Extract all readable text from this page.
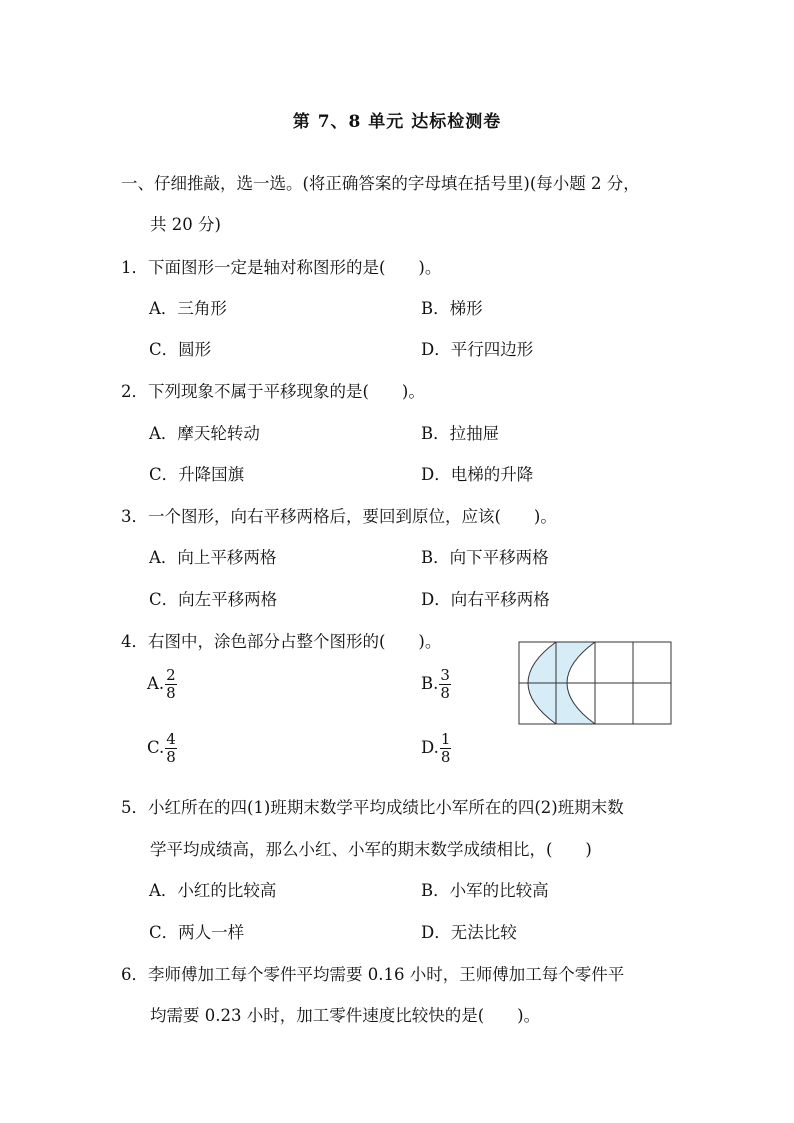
第 7、8 单元 达标检测卷
一、仔细推敲，选一选。(将正确答案的字母填在括号里)(每小题 2 分，
共 20 分)
1．下面图形一定是轴对称图形的是(　　)。
A．三角形	B．梯形
C．圆形	D．平行四边形
2．下列现象不属于平移现象的是(　　)。
A．摩天轮转动	B．拉抽屉
C．升降国旗	D．电梯的升降
3．一个图形，向右平移两格后，要回到原位，应该(　　)。
A．向上平移两格	B．向下平移两格
C．向左平移两格	D．向右平移两格
4．右图中，涂色部分占整个图形的(　　)。
A. $\frac{2}{8}$	B. $\frac{3}{8}$
C. $\frac{4}{8}$	D. $\frac{1}{8}$
5．小红所在的四(1)班期末数学平均成绩比小军所在的四(2)班期末数
学平均成绩高，那么小红、小军的期末数学成绩相比，(　　)
A．小红的比较高	B．小军的比较高
C．两人一样	D．无法比较
6．李师傅加工每个零件平均需要 0.16 小时，王师傅加工每个零件平
均需要 0.23 小时，加工零件速度比较快的是(　　)。
